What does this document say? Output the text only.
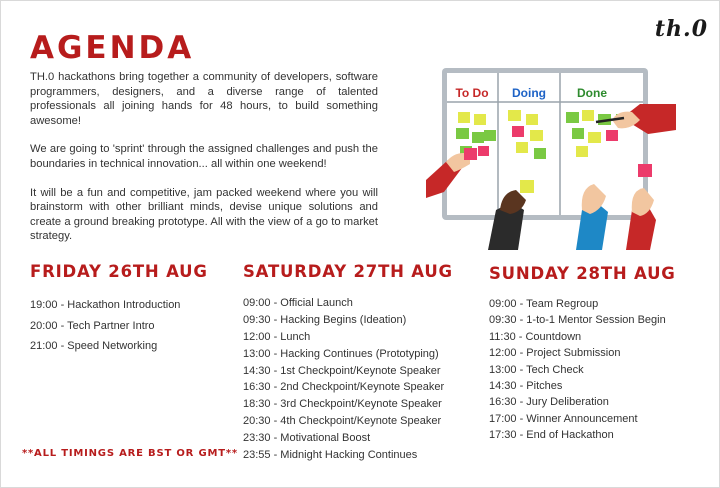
th.0
AGENDA

TH.0 hackathons bring together a community of developers, software programmers, designers, and a diverse range of talented professionals all joining hands for 48 hours, to build something awesome!

We are going to 'sprint' through the assigned challenges and push the boundaries in technical innovation... all within one weekend!

It will be a fun and competitive, jam packed weekend where you will brainstorm with other brilliant minds, devise unique solutions and create a ground breaking prototype. All with the view of a go to market strategy.

To Do Doing	Done
FRIDAY 26TH AUG
19:00 - Hackathon Introduction
20:00 - Tech Partner Intro
21:00 - Speed Networking
SATURDAY 27TH AUG
09:00 - Official Launch
09:30 - Hacking Begins (Ideation)
12:00 - Lunch
13:00 - Hacking Continues (Prototyping)
14:30 - 1st Checkpoint/Keynote Speaker
16:30 - 2nd Checkpoint/Keynote Speaker
18:30 - 3rd Checkpoint/Keynote Speaker
20:30 - 4th Checkpoint/Keynote Speaker
23:30 - Motivational Boost
23:55 - Midnight Hacking Continues
SUNDAY 28TH AUG
09:00 - Team Regroup
09:30 - 1-to-1 Mentor Session Begin
11:30 - Countdown
12:00 - Project Submission
13:00 - Tech Check
14:30 - Pitches
16:30 - Jury Deliberation
17:00 - Winner Announcement
17:30 - End of Hackathon
**ALL TIMINGS ARE BST OR GMT**
